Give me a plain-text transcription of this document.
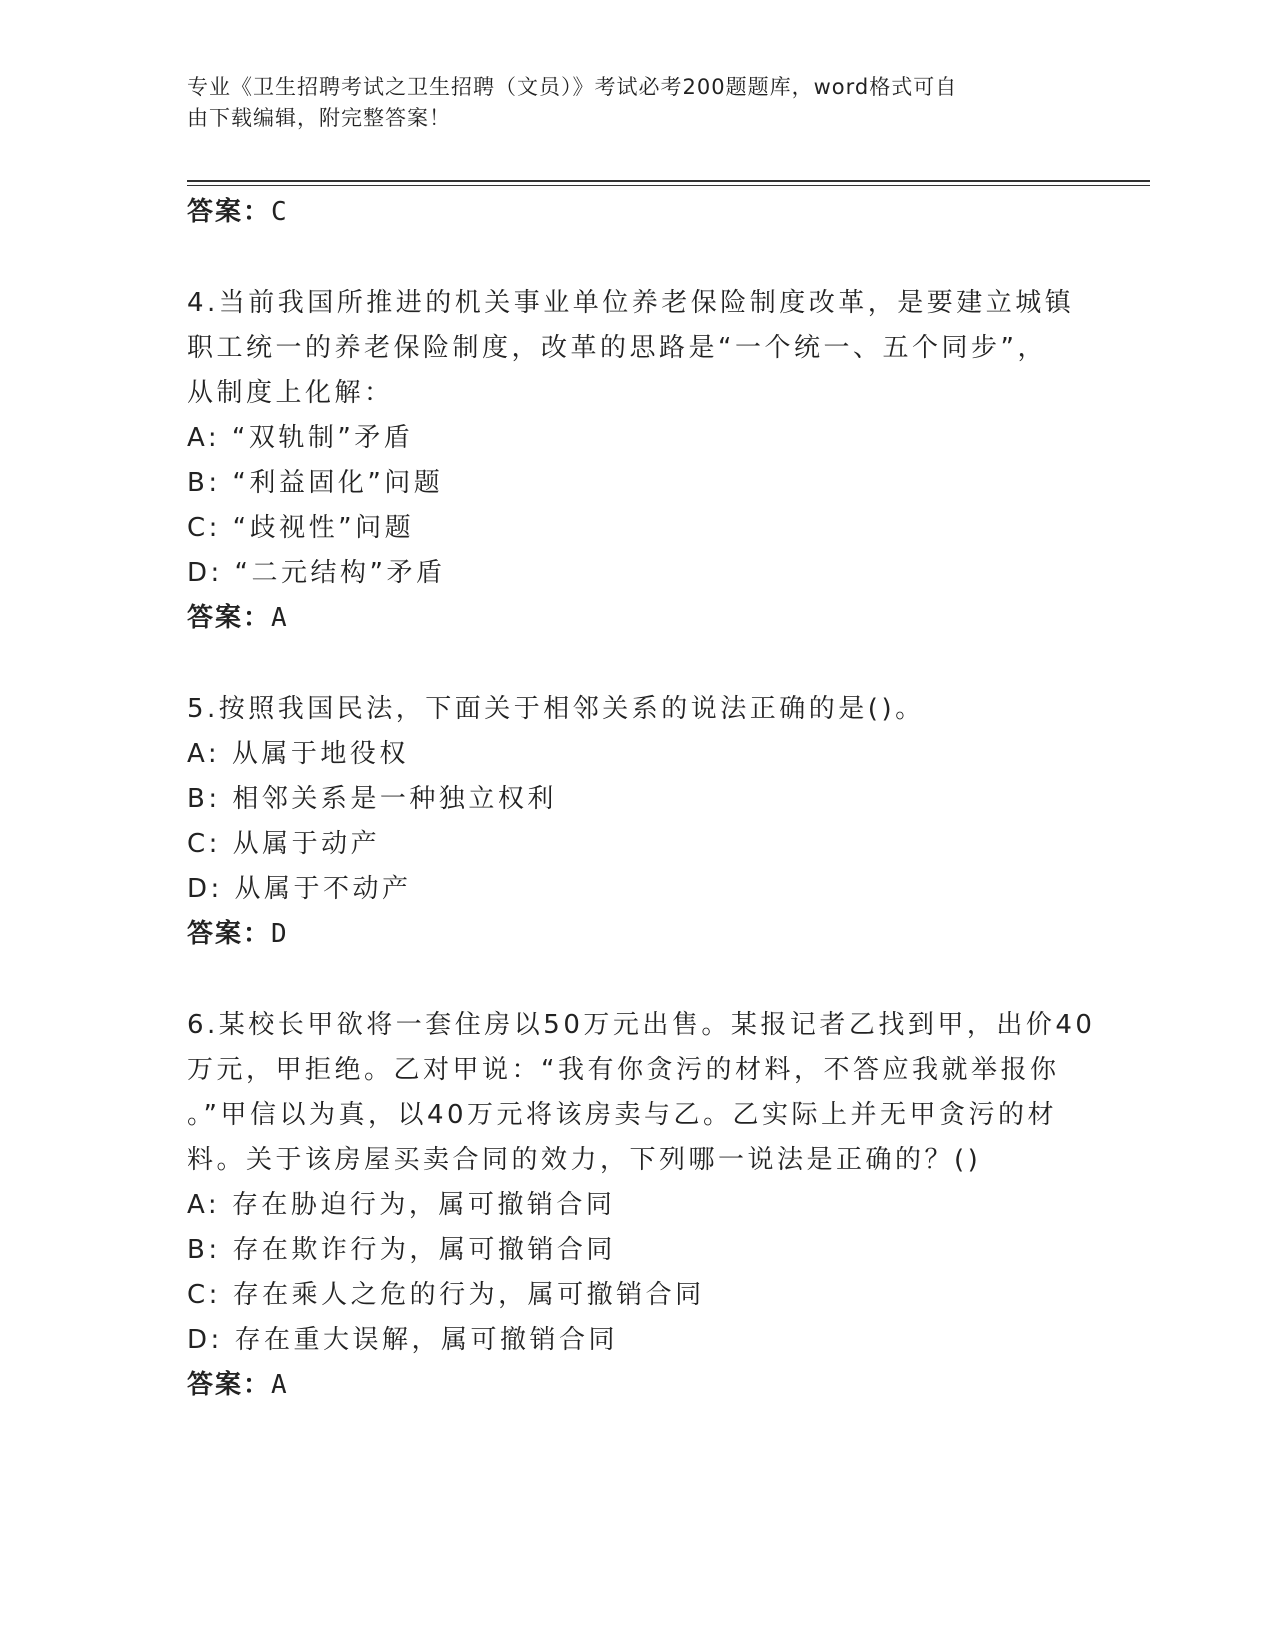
专业《卫生招聘考试之卫生招聘（文员）》考试必考200题题库，word格式可自
由下载编辑，附完整答案！
答案：C
4.当前我国所推进的机关事业单位养老保险制度改革，是要建立城镇
职工统一的养老保险制度，改革的思路是“一个统一、五个同步”，
从制度上化解：
A: “双轨制”矛盾
B: “利益固化”问题
C: “歧视性”问题
D: “二元结构”矛盾
答案：A
5.按照我国民法，下面关于相邻关系的说法正确的是()。
A: 从属于地役权
B: 相邻关系是一种独立权利
C: 从属于动产
D: 从属于不动产
答案：D
6.某校长甲欲将一套住房以50万元出售。某报记者乙找到甲，出价40
万元，甲拒绝。乙对甲说：“我有你贪污的材料，不答应我就举报你
。”甲信以为真，以40万元将该房卖与乙。乙实际上并无甲贪污的材
料。关于该房屋买卖合同的效力，下列哪一说法是正确的？()
A: 存在胁迫行为，属可撤销合同
B: 存在欺诈行为，属可撤销合同
C: 存在乘人之危的行为，属可撤销合同
D: 存在重大误解，属可撤销合同
答案：A
